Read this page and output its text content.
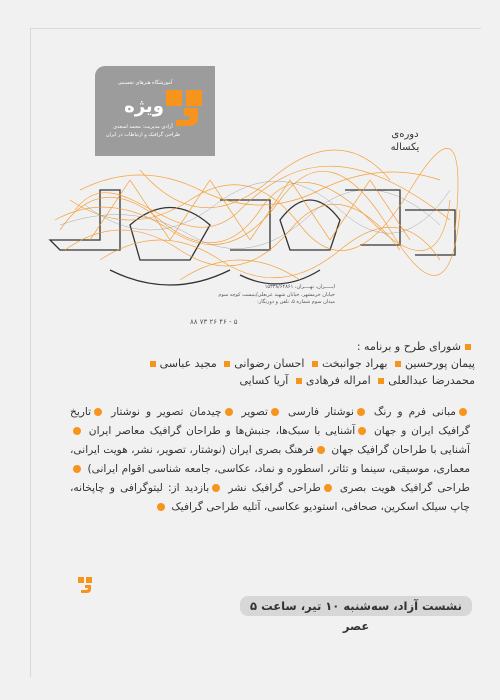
آموزشگاه هنرهای تجسمی
ویژه
آزادی مدیریت: محمد اسعدی
طراحی گرافیک و ارتباطات در ایران	دوره‌ی
یکساله
ایـــــران، تهــــران، ۱۵۳۳۸/۶۴۸۶۱
خیابان خرمشهر، خیابان شهید عربعلی/بنبست کوچه سوم
میدان سوم شماره ۵، تلفن و دورنگار:
۸۸ ۷۳ ۲۶ ۴۶ - ۵
شورای طرح و برنامه :
پیمان پورحسین بهراد جوانبخت احسان رضوانی مجید عباسی محمدرضا عبدالعلی امراله فرهادی آریا کسایی
مبانی فرم و رنگ نوشتار فارسی تصویر چیدمان تصویر و نوشتار تاریخ گرافیک ایران و جهان آشنایی با سبک‌ها، جنبش‌ها و طراحان گرافیک معاصر ایران آشنایی با طراحان گرافیک جهان فرهنگ بصری ایران (نوشتار، تصویر، نشر، هویت ایرانی، معماری، موسیقی، سینما و تئاتر، اسطوره و نماد، عکاسی، جامعه شناسی اقوام ایرانی) طراحی گرافیک هویت بصری طراحی گرافیک نشر بازدید از: لیتوگرافی و چاپخانه، چاپ سیلک اسکرین، صحافی، استودیو عکاسی، آتلیه طراحی گرافیک
نشست آزاد، سه‌شنبه ۱۰ تیر، ساعت ۵ عصر
